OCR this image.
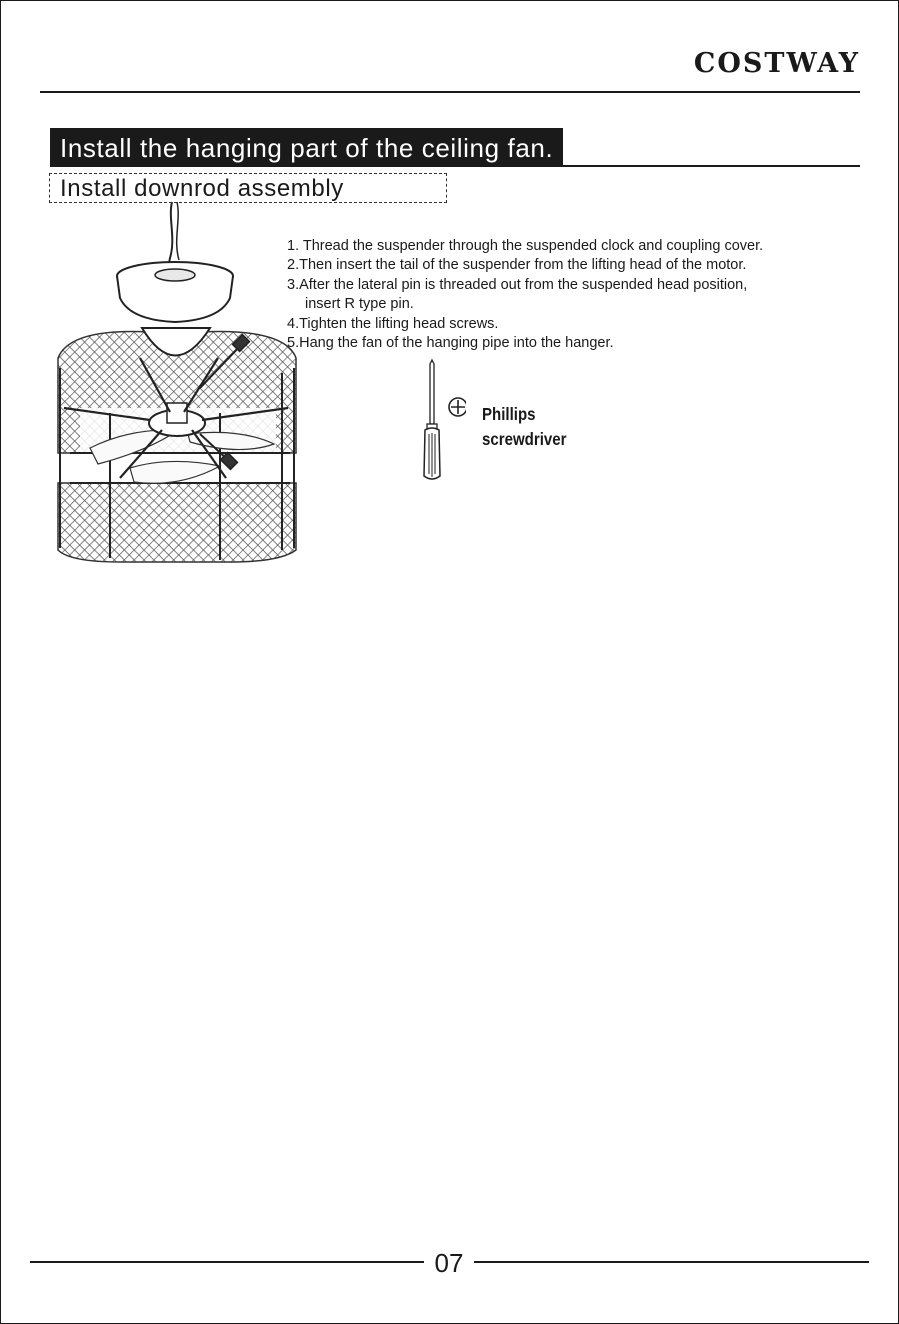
COSTWAY
Install the hanging part of the ceiling fan.
Install downrod assembly
1. Thread the suspender through the suspended clock and coupling cover.
2.Then insert the tail of the suspender from the lifting head of the motor.
3.After the lateral pin is threaded out from the suspended head position,
insert R type pin.
4.Tighten the lifting head screws.
5.Hang the fan of the hanging pipe into the hanger.
Phillips
screwdriver
07
